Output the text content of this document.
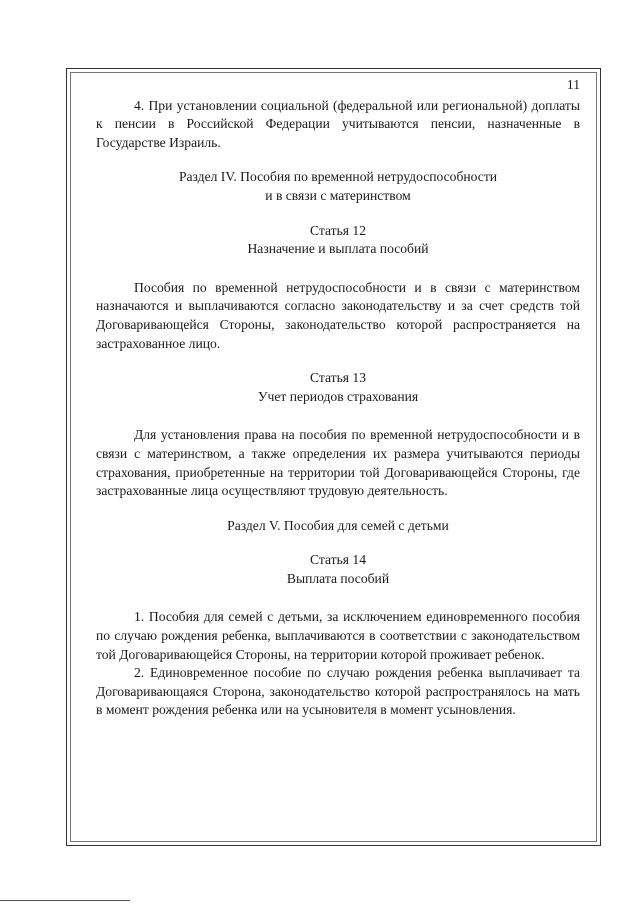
11

4. При установлении социальной (федеральной или региональной) доплаты к пенсии в Российской Федерации учитываются пенсии, назначенные в Государстве Израиль.

Раздел IV. Пособия по временной нетрудоспособности

и в связи с материнством

Статья 12

Назначение и выплата пособий

Пособия по временной нетрудоспособности и в связи с материнством назначаются и выплачиваются согласно законодательству и за счет средств той Договаривающейся Стороны, законодательство которой распространяется на застрахованное лицо.

Статья 13

Учет периодов страхования

Для установления права на пособия по временной нетрудоспособности и в связи с материнством, а также определения их размера учитываются периоды страхования, приобретенные на территории той Договаривающейся Стороны, где застрахованные лица осуществляют трудовую деятельность.

Раздел V. Пособия для семей с детьми

Статья 14

Выплата пособий

1. Пособия для семей с детьми, за исключением единовременного пособия по случаю рождения ребенка, выплачиваются в соответствии с законодательством той Договаривающейся Стороны, на территории которой проживает ребенок.

2. Единовременное пособие по случаю рождения ребенка выплачивает та Договаривающаяся Сторона, законодательство которой распространялось на мать в момент рождения ребенка или на усыновителя в момент усыновления.
